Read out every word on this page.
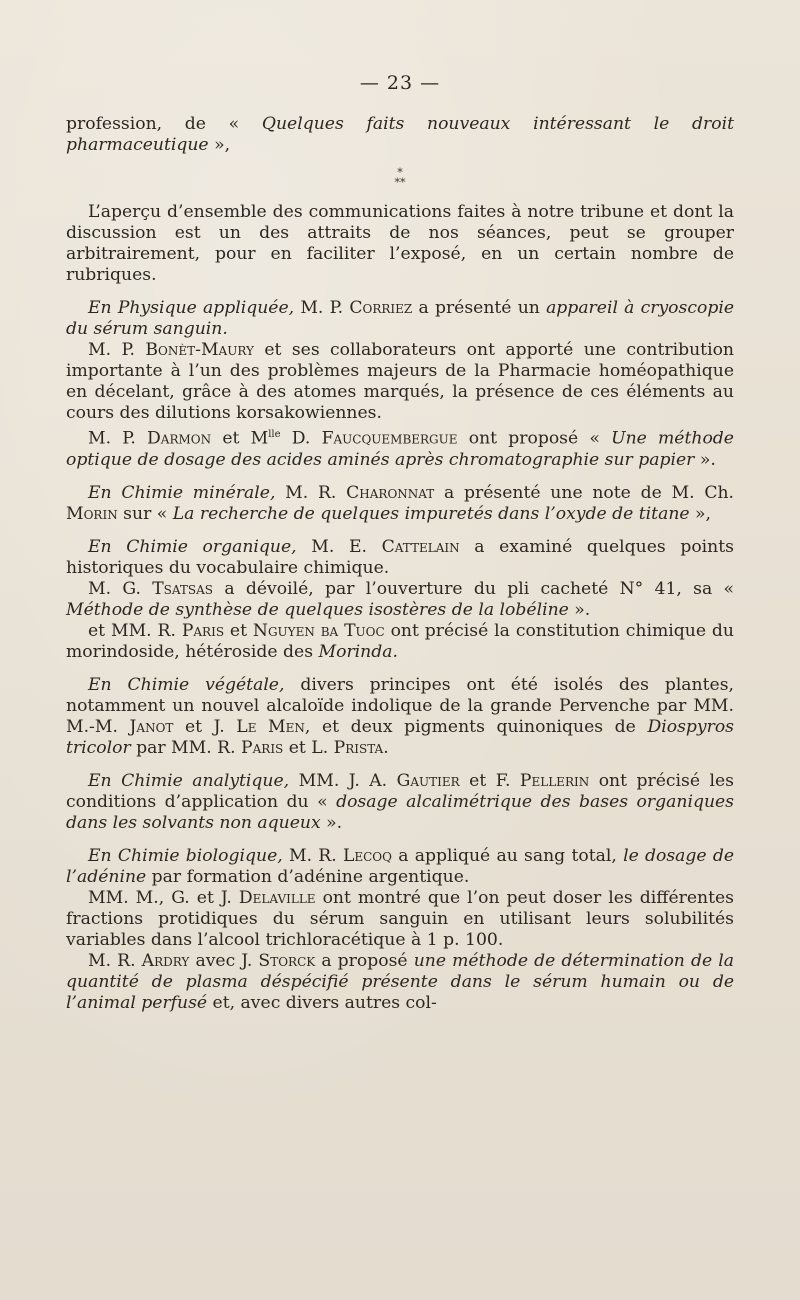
— 23 —

profession, de « Quelques faits nouveaux intéressant le droit pharmaceutique »,

*
**

L’aperçu d’ensemble des communications faites à notre tribune et dont la discussion est un des attraits de nos séances, peut se grouper arbitrairement, pour en faciliter l’exposé, en un certain nombre de rubriques.

En Physique appliquée, M. P. Corriez a présenté un appareil à cryoscopie du sérum sanguin.

M. P. Bonèt-Maury et ses collaborateurs ont apporté une contribution importante à l’un des problèmes majeurs de la Pharmacie homéopathique en décelant, grâce à des atomes marqués, la présence de ces éléments au cours des dilutions korsakowiennes.

M. P. Darmon et $M^{lle}$ D. Faucquembergue ont proposé « Une méthode optique de dosage des acides aminés après chromatographie sur papier ».

En Chimie minérale, M. R. Charonnat a présenté une note de M. Ch. Morin sur « La recherche de quelques impuretés dans l’oxyde de titane »,

En Chimie organique, M. E. Cattelain a examiné quelques points historiques du vocabulaire chimique.

M. G. Tsatsas a dévoilé, par l’ouverture du pli cacheté N° 41, sa « Méthode de synthèse de quelques isostères de la lobéline ».

et MM. R. Paris et Nguyen ba Tuoc ont précisé la constitution chimique du morindoside, hétéroside des Morinda.

En Chimie végétale, divers principes ont été isolés des plantes, notamment un nouvel alcaloïde indolique de la grande Pervenche par MM. M.-M. Janot et J. Le Men, et deux pigments quinoniques de Diospyros tricolor par MM. R. Paris et L. Prista.

En Chimie analytique, MM. J. A. Gautier et F. Pellerin ont précisé les conditions d’application du « dosage alcalimétrique des bases organiques dans les solvants non aqueux ».

En Chimie biologique, M. R. Lecoq a appliqué au sang total, le dosage de l’adénine par formation d’adénine argentique.

MM. M., G. et J. Delaville ont montré que l’on peut doser les différentes fractions protidiques du sérum sanguin en utilisant leurs solubilités variables dans l’alcool trichloracétique à 1 p. 100.

M. R. Ardry avec J. Storck a proposé une méthode de détermination de la quantité de plasma déspécifié présente dans le sérum humain ou de l’animal perfusé et, avec divers autres col-
